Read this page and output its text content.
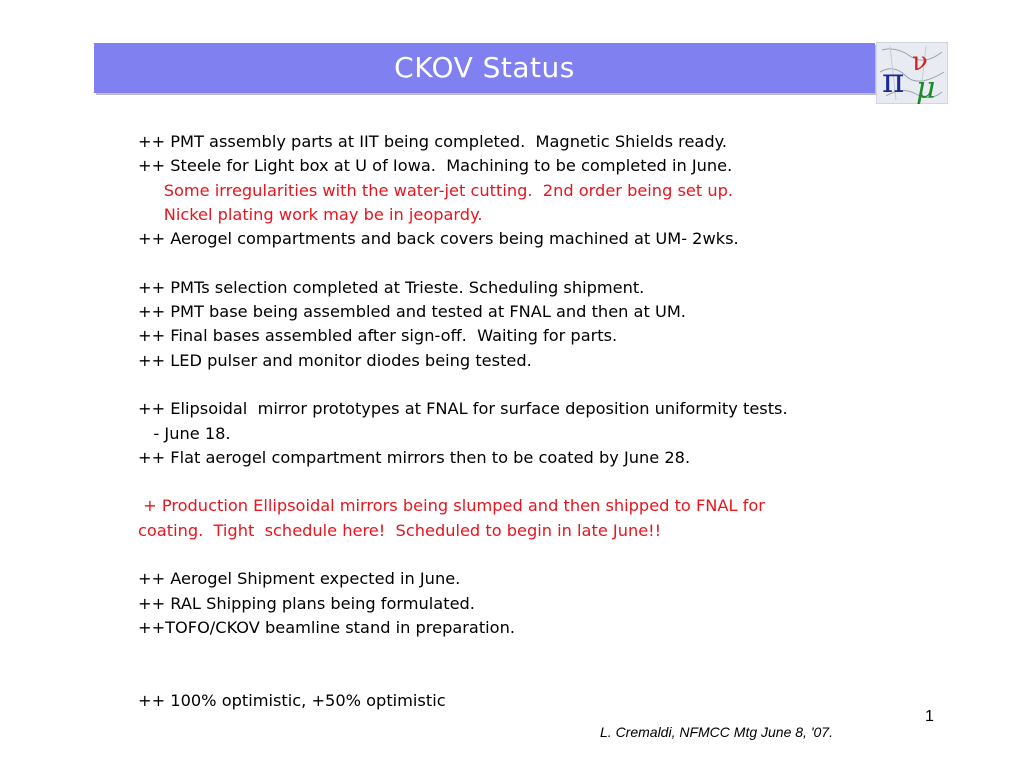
CKOV Status	π ν
μ
++ PMT assembly parts at IIT being completed.  Magnetic Shields ready.
++ Steele for Light box at U of Iowa.  Machining to be completed in June.
Some irregularities with the water-jet cutting.  2nd order being set up.
Nickel plating work may be in jeopardy.
++ Aerogel compartments and back covers being machined at UM- 2wks.
++ PMTs selection completed at Trieste. Scheduling shipment.
++ PMT base being assembled and tested at FNAL and then at UM.
++ Final bases assembled after sign-off.  Waiting for parts.
++ LED pulser and monitor diodes being tested.
++ Elipsoidal  mirror prototypes at FNAL for surface deposition uniformity tests.
- June 18.
++ Flat aerogel compartment mirrors then to be coated by June 28.
+ Production Ellipsoidal mirrors being slumped and then shipped to FNAL for
coating.  Tight  schedule here!  Scheduled to begin in late June!!
++ Aerogel Shipment expected in June.
++ RAL Shipping plans being formulated.
++TOFO/CKOV beamline stand in preparation.
++ 100% optimistic, +50% optimistic
1
L. Cremaldi, NFMCC Mtg June 8, '07.
